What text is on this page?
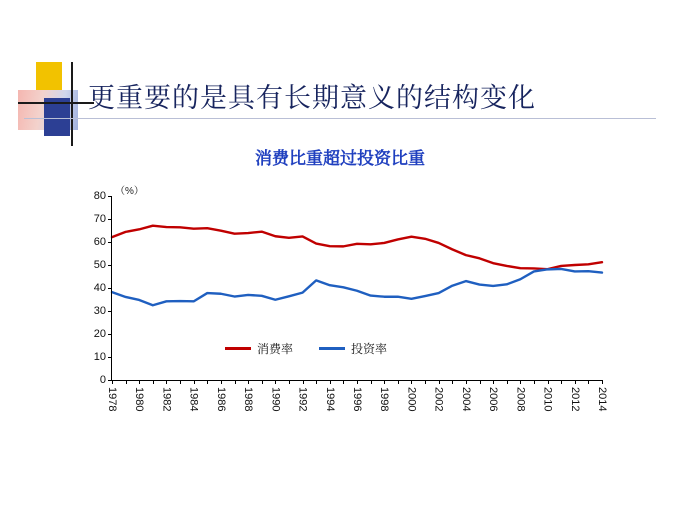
更重要的是具有长期意义的结构变化
消费比重超过投资比重
（%）
0
10
20
30
40
50
60
70
80
1978 1980 1982 1984 1986 1988 1990 1992 1994 1996 1998 2000 2002 2004 2006 2008 2010 2012 2014
消费率	投资率
